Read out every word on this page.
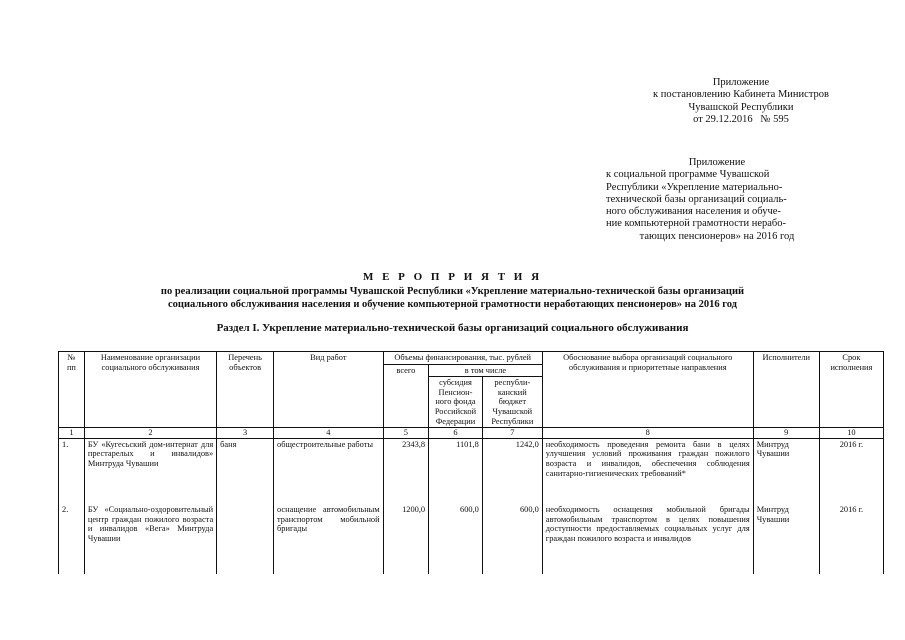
Приложение
к постановлению Кабинета Министров
Чувашской Республики
от 29.12.2016   № 595
Приложение
к социальной программе Чувашской
Республики «Укрепление материально-
технической базы организаций социаль-
ного обслуживания населения и обуче-
ние компьютерной грамотности нерабо-
тающих пенсионеров» на 2016 год
М Е Р О П Р И Я Т И Я
по реализации социальной программы Чувашской Республики «Укрепление материально-технической базы организаций
социального обслуживания населения и обучение компьютерной грамотности неработающих пенсионеров» на 2016 год
Раздел I. Укрепление материально-технической базы организаций социального обслуживания
№ пп	Наименование организации социального обслуживания	Перечень объектов	Вид работ	Объемы финансирования, тыс. рублей			Обоснование выбора организаций социального обслуживания и приоритетные направления	Исполнители	Срок исполнения
				всего	в том числе				
					субсидия Пенсион-ного фонда Российской Федерации	республи-канский бюджет Чувашской Республики			
1	2	3	4	5	6	7	8	9	10
1.	БУ «Кугесьский дом-интернат для престарелых и инвалидов» Минтруда Чувашии	баня	общестроительные работы	2343,8	1101,8	1242,0	необходимость проведения ремонта бани в целях улучшения условий проживания граждан пожилого возраста и инвалидов, обеспечения соблюдения санитарно-гигиенических требований*	Минтруд Чувашии	2016 г.
2.	БУ «Социально-оздоровительный центр граждан пожилого возраста и инвалидов «Вега» Минтруда Чувашии		оснащение автомобильным транспортом мобильной бригады	1200,0	600,0	600,0	необходимость оснащения мобильной бригады автомобильным транспортом в целях повышения доступности предоставляемых социальных услуг для граждан пожилого возраста и инвалидов	Минтруд Чувашии	2016 г.
